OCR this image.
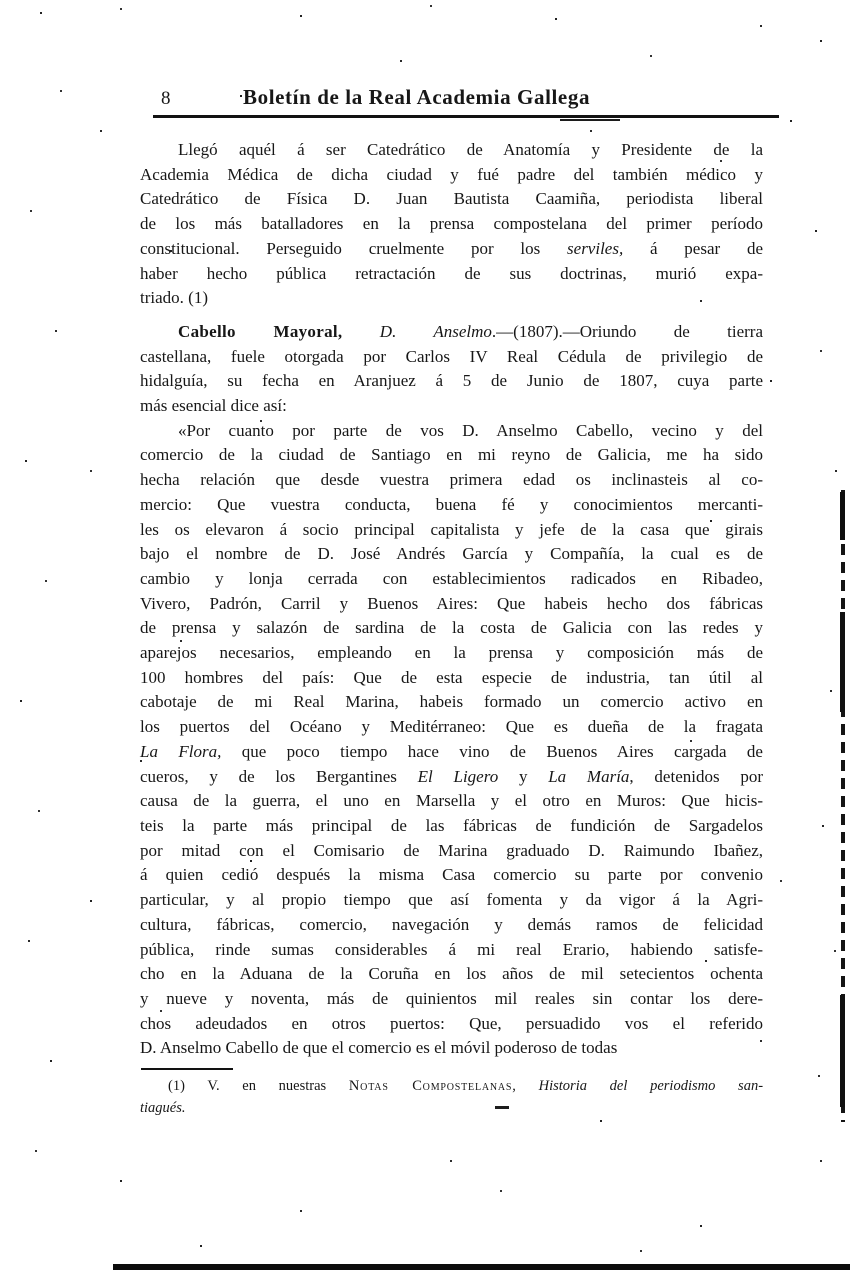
8	Boletín de la Real Academia Gallega
Llegó aquél á ser Catedrático de Anatomía y Presidente de la
Academia Médica de dicha ciudad y fué padre del también médico y
Catedrático de Física D. Juan Bautista Caamiña, periodista liberal
de los más batalladores en la prensa compostelana del primer período
constitucional. Perseguido cruelmente por los serviles, á pesar de
haber hecho pública retractación de sus doctrinas, murió expa-
triado. (1)
Cabello Mayoral, D. Anselmo.—(1807).—Oriundo de tierra
castellana, fuele otorgada por Carlos IV Real Cédula de privilegio de
hidalguía, su fecha en Aranjuez á 5 de Junio de 1807, cuya parte
más esencial dice así:
«Por cuanto por parte de vos D. Anselmo Cabello, vecino y del
comercio de la ciudad de Santiago en mi reyno de Galicia, me ha sido
hecha relación que desde vuestra primera edad os inclinasteis al co-
mercio: Que vuestra conducta, buena fé y conocimientos mercanti-
les os elevaron á socio principal capitalista y jefe de la casa que girais
bajo el nombre de D. José Andrés García y Compañía, la cual es de
cambio y lonja cerrada con establecimientos radicados en Ribadeo,
Vivero, Padrón, Carril y Buenos Aires: Que habeis hecho dos fábricas
de prensa y salazón de sardina de la costa de Galicia con las redes y
aparejos necesarios, empleando en la prensa y composición más de
100 hombres del país: Que de esta especie de industria, tan útil al
cabotaje de mi Real Marina, habeis formado un comercio activo en
los puertos del Océano y Meditérraneo: Que es dueña de la fragata
La Flora, que poco tiempo hace vino de Buenos Aires cargada de
cueros, y de los Bergantines El Ligero y La María, detenidos por
causa de la guerra, el uno en Marsella y el otro en Muros: Que hicis-
teis la parte más principal de las fábricas de fundición de Sargadelos
por mitad con el Comisario de Marina graduado D. Raimundo Ibañez,
á quien cedió después la misma Casa comercio su parte por convenio
particular, y al propio tiempo que así fomenta y da vigor á la Agri-
cultura, fábricas, comercio, navegación y demás ramos de felicidad
pública, rinde sumas considerables á mi real Erario, habiendo satisfe-
cho en la Aduana de la Coruña en los años de mil setecientos ochenta
y nueve y noventa, más de quinientos mil reales sin contar los dere-
chos adeudados en otros puertos: Que, persuadido vos el referido
D. Anselmo Cabello de que el comercio es el móvil poderoso de todas
(1) V. en nuestras Notas Compostelanas, Historia del periodismo san-
tiagués.
